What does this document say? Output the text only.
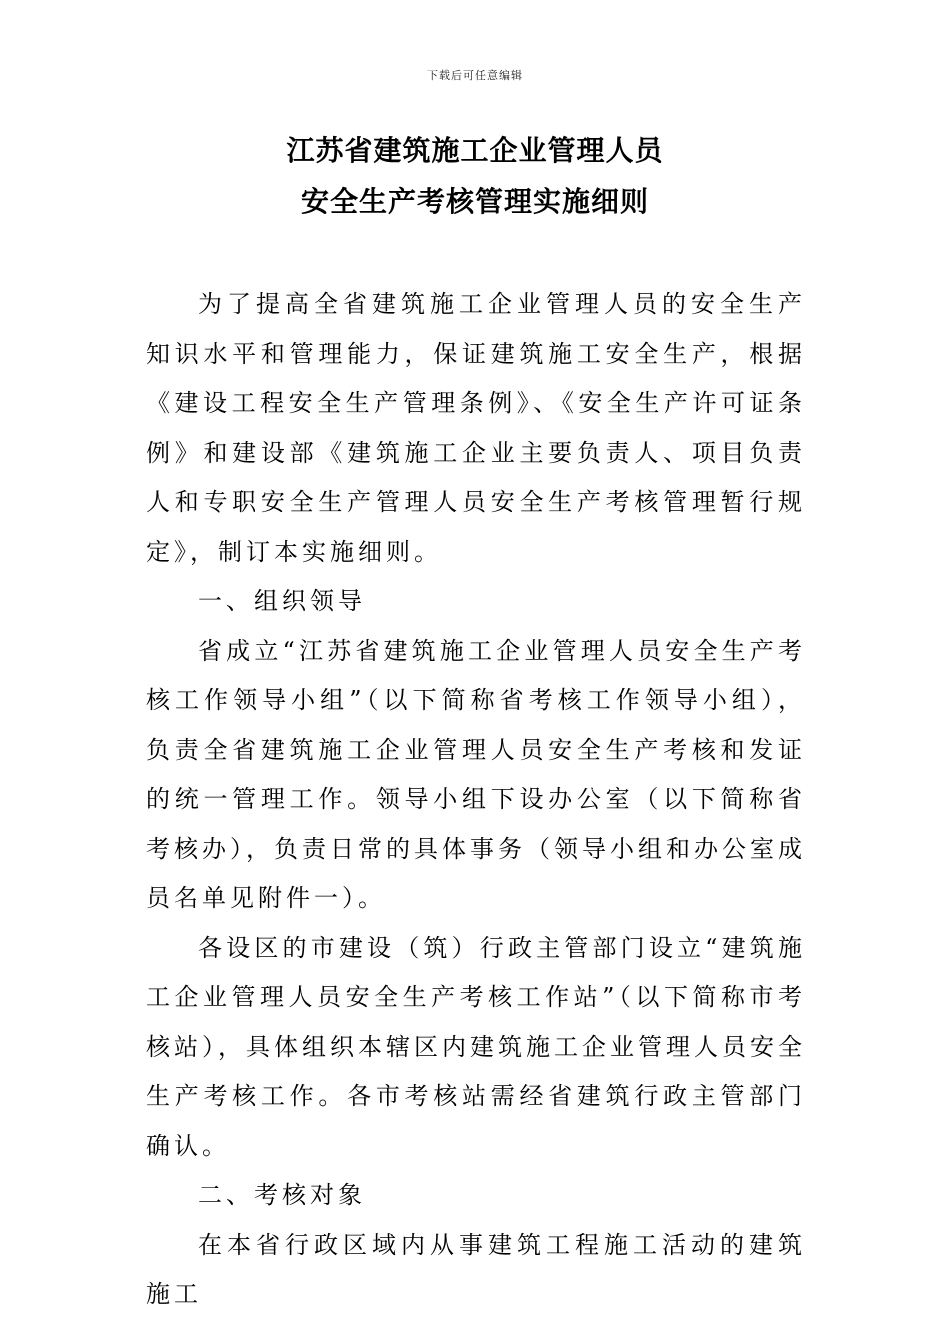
下载后可任意编辑
江苏省建筑施工企业管理人员
安全生产考核管理实施细则

为了提高全省建筑施工企业管理人员的安全生产知识水平和管理能力，保证建筑施工安全生产，根据《建设工程安全生产管理条例》、《安全生产许可证条例》和建设部《建筑施工企业主要负责人、项目负责人和专职安全生产管理人员安全生产考核管理暂行规定》，制订本实施细则。

一、组织领导

省成立“江苏省建筑施工企业管理人员安全生产考核工作领导小组”（以下简称省考核工作领导小组），负责全省建筑施工企业管理人员安全生产考核和发证的统一管理工作。领导小组下设办公室（以下简称省考核办），负责日常的具体事务（领导小组和办公室成员名单见附件一）。

各设区的市建设（筑）行政主管部门设立“建筑施工企业管理人员安全生产考核工作站”（以下简称市考核站），具体组织本辖区内建筑施工企业管理人员安全生产考核工作。各市考核站需经省建筑行政主管部门确认。

二、考核对象

在本省行政区域内从事建筑工程施工活动的建筑施工
